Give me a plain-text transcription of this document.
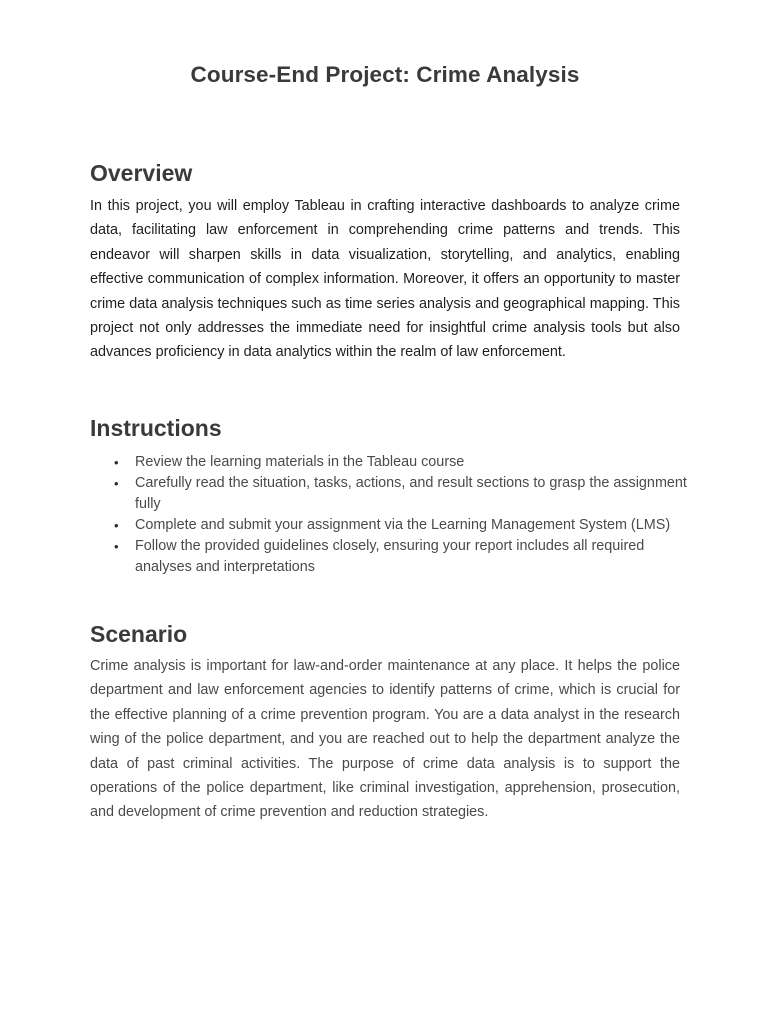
Course-End Project: Crime Analysis
Overview

In this project, you will employ Tableau in crafting interactive dashboards to analyze crime data, facilitating law enforcement in comprehending crime patterns and trends. This endeavor will sharpen skills in data visualization, storytelling, and analytics, enabling effective communication of complex information. Moreover, it offers an opportunity to master crime data analysis techniques such as time series analysis and geographical mapping. This project not only addresses the immediate need for insightful crime analysis tools but also advances proficiency in data analytics within the realm of law enforcement.

Instructions
• Review the learning materials in the Tableau course
• Carefully read the situation, tasks, actions, and result sections to grasp the assignment fully
• Complete and submit your assignment via the Learning Management System (LMS)
• Follow the provided guidelines closely, ensuring your report includes all required analyses and interpretations
Scenario

Crime analysis is important for law-and-order maintenance at any place. It helps the police department and law enforcement agencies to identify patterns of crime, which is crucial for the effective planning of a crime prevention program. You are a data analyst in the research wing of the police department, and you are reached out to help the department analyze the data of past criminal activities. The purpose of crime data analysis is to support the operations of the police department, like criminal investigation, apprehension, prosecution, and development of crime prevention and reduction strategies.
